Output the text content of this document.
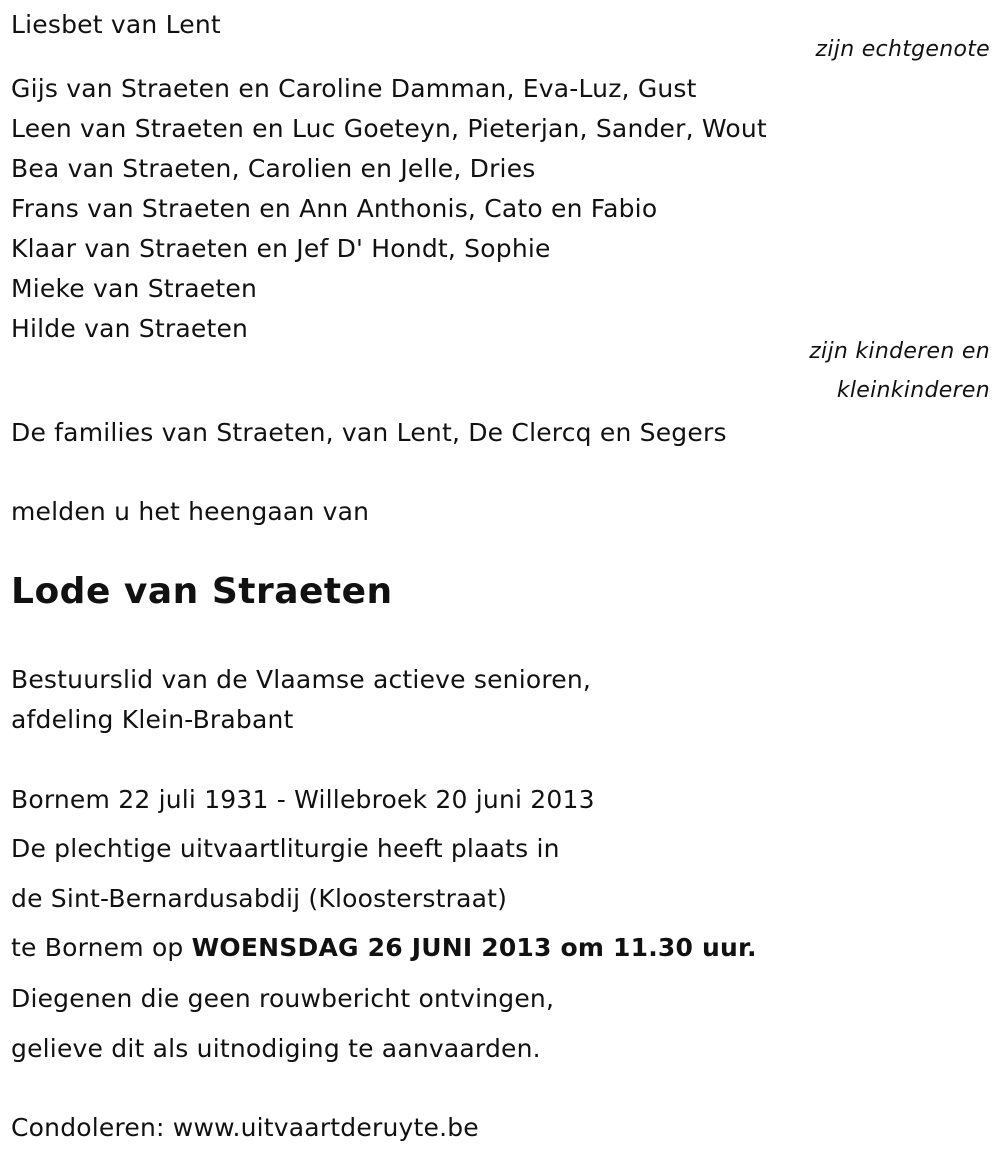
Liesbet van Lent
zijn echtgenote
Gijs van Straeten en Caroline Damman, Eva-Luz, Gust
Leen van Straeten en Luc Goeteyn, Pieterjan, Sander, Wout
Bea van Straeten, Carolien en Jelle, Dries
Frans van Straeten en Ann Anthonis, Cato en Fabio
Klaar van Straeten en Jef D' Hondt, Sophie
Mieke van Straeten
Hilde van Straeten
zijn kinderen en
kleinkinderen
De families van Straeten, van Lent, De Clercq en Segers
melden u het heengaan van
Lode van Straeten
Bestuurslid van de Vlaamse actieve senioren,
afdeling Klein-Brabant
Bornem 22 juli 1931 - Willebroek 20 juni 2013
De plechtige uitvaartliturgie heeft plaats in
de Sint-Bernardusabdij (Kloosterstraat)
te Bornem op WOENSDAG 26 JUNI 2013 om 11.30 uur.
Diegenen die geen rouwbericht ontvingen,
gelieve dit als uitnodiging te aanvaarden.
Condoleren: www.uitvaartderuyte.be
